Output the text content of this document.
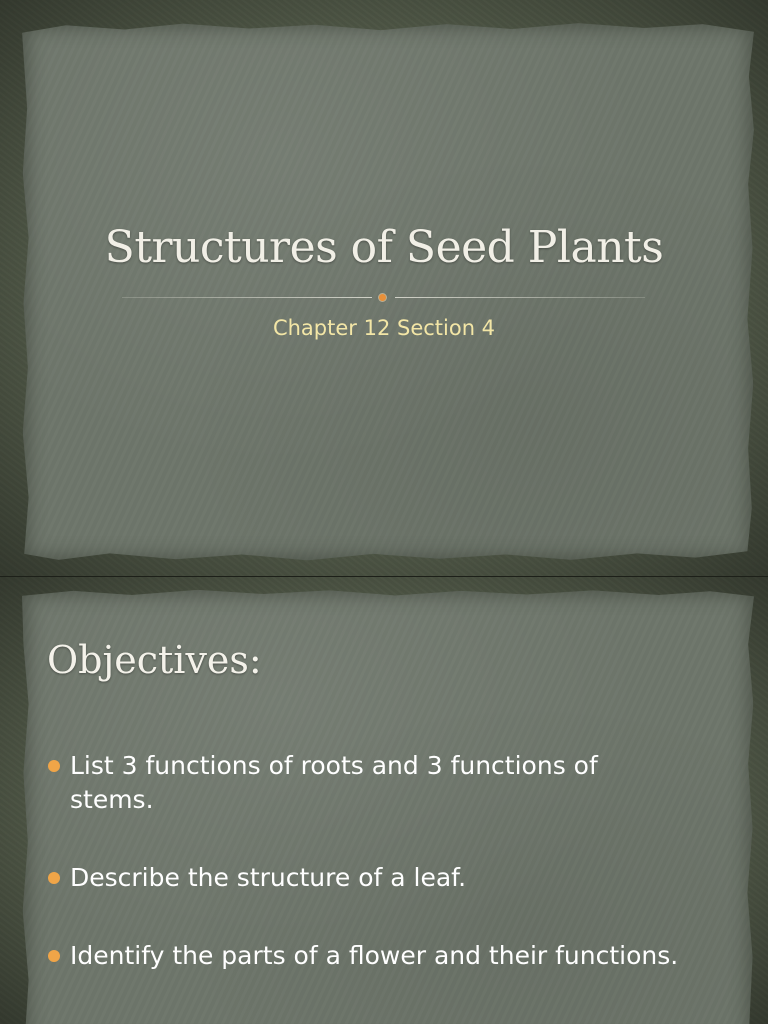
Structures of Seed Plants
Chapter 12 Section 4
Objectives:
List 3 functions of roots and 3 functions of stems.
Describe the structure of a leaf.
Identify the parts of a flower and their functions.
